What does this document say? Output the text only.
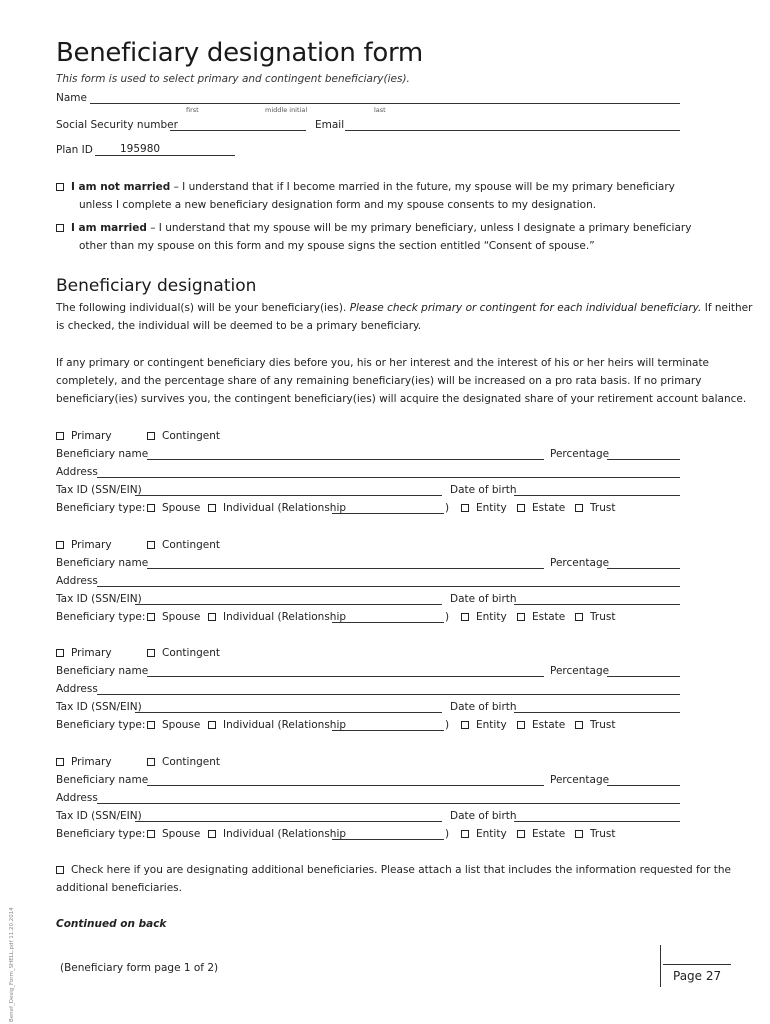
Beneficiary designation form
This form is used to select primary and contingent beneficiary(ies).
Name
first	middle initial	last
Social Security number	Email
Plan ID	195980
I am not married – I understand that if I become married in the future, my spouse will be my primary beneficiary
unless I complete a new beneficiary designation form and my spouse consents to my designation.
I am married – I understand that my spouse will be my primary beneficiary, unless I designate a primary beneficiary
other than my spouse on this form and my spouse signs the section entitled “Consent of spouse.”
Beneficiary designation
The following individual(s) will be your beneficiary(ies). Please check primary or contingent for each individual beneficiary. If neither
is checked, the individual will be deemed to be a primary beneficiary.
If any primary or contingent beneficiary dies before you, his or her interest and the interest of his or her heirs will terminate
completely, and the percentage share of any remaining beneficiary(ies) will be increased on a pro rata basis. If no primary
beneficiary(ies) survives you, the contingent beneficiary(ies) will acquire the designated share of your retirement account balance.
Primary	Contingent
Beneficiary name	Percentage
Address
Tax ID (SSN/EIN)	Date of birth
Beneficiary type:	Spouse	Individual (Relationship	Entity	Estate	Trust
)
Primary	Contingent
Beneficiary name	Percentage
Address
Tax ID (SSN/EIN)	Date of birth
Beneficiary type:	Spouse	Individual (Relationship	Entity	Estate	Trust
)
Primary	Contingent
Beneficiary name	Percentage
Address
Tax ID (SSN/EIN)	Date of birth
Beneficiary type:	Spouse	Individual (Relationship	Entity	Estate	Trust
)
Primary	Contingent
Beneficiary name	Percentage
Address
Tax ID (SSN/EIN)	Date of birth
Beneficiary type:	Spouse	Individual (Relationship	Entity	Estate	Trust
)
Check here if you are designating additional beneficiaries. Please attach a list that includes the information requested for the
additional beneficiaries.
Continued on back
(Beneficiary form page 1 of 2)
Page 27
Benef_Desig_Form_SHELL.pdf 11.20.2014
